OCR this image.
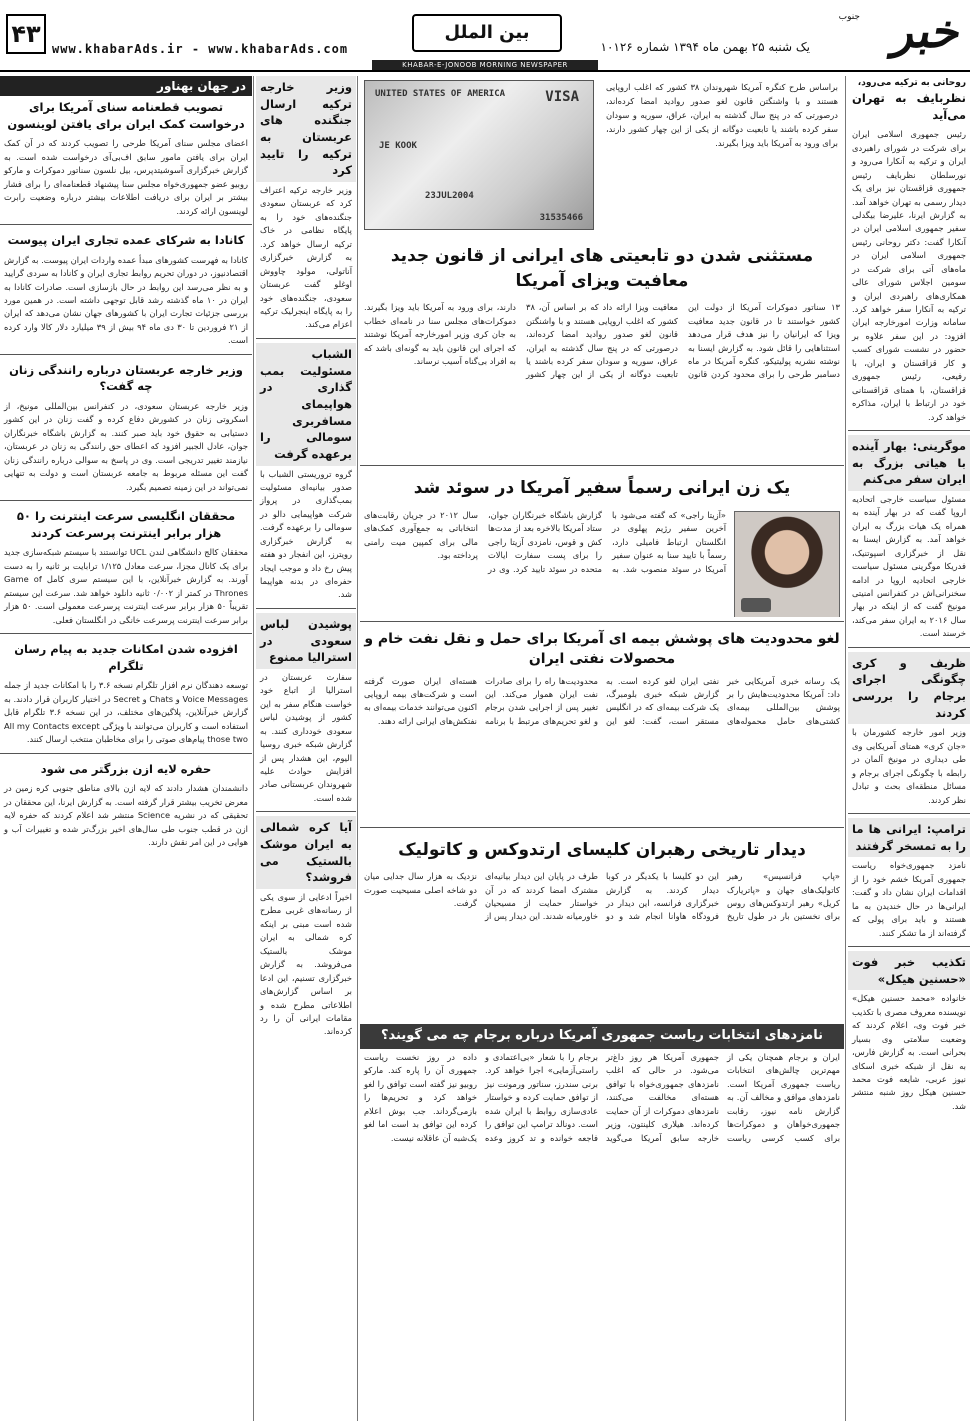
۴۳
www.khabarAds.ir - www.khabarAds.com
بین الملل
یک شنبه ۲۵ بهمن ماه ۱۳۹۴ شماره ۱۰۱۲۶ خبر
جنوب
KHABAR-E-JONOOB MORNING NEWSPAPER
روحانی به ترکیه می‌رود،
نظربایف به تهران می‌آید
رئیس جمهوری اسلامی ایران برای شرکت در شورای راهبردی ایران و ترکیه به آنکارا می‌رود و نورسلطان نظربایف رئیس جمهوری قزاقستان نیز برای یک دیدار رسمی به تهران خواهد آمد. به گزارش ایرنا، علیرضا بیگدلی سفیر جمهوری اسلامی ایران در آنکارا گفت: دکتر روحانی رئیس جمهوری اسلامی ایران در ماه‌های آتی برای شرکت در سومین اجلاس شورای عالی همکاری‌های راهبردی ایران و ترکیه به آنکارا سفر خواهد کرد. سامانه وزارت امورخارجه ایران افزود: در این سفر علاوه بر حضور در نشست شورای کسب و کار قزاقستان و ایران، با رفیعی، رئیس جمهوری قزاقستان، با همتای قزاقستانی خود در ارتباط با ایران، مذاکره خواهد کرد.
موگرینی: بهار آینده با هیاتی بزرگ به ایران سفر می‌کنم
مسئول سیاست خارجی اتحادیه اروپا گفت که در بهار آینده به همراه یک هیات بزرگ به ایران خواهد آمد. به گزارش ایسنا به نقل از خبرگزاری اسپوتنیک، فدریکا موگرینی مسئول سیاست خارجی اتحادیه اروپا در ادامه سخنرانی‌اش در کنفرانس امنیتی مونیخ گفت که از اینکه در بهار سال ۲۰۱۶ به ایران سفر می‌کند، خرسند است.
ظریف و کری چگونگی اجرای برجام را بررسی کردند
وزیر امور خارجه کشورمان با «جان کری» همتای آمریکایی وی طی دیداری در مونیخ آلمان در رابطه با چگونگی اجرای برجام و مسائل منطقه‌ای بحث و تبادل نظر کردند.
ترامپ: ایرانی ها ما را به تمسخر گرفتند
نامزد جمهوری‌خواه ریاست جمهوری آمریکا خشم خود را از اقدامات ایران نشان داد و گفت: ایرانی‌ها در حال خندیدن به ما هستند و باید برای پولی که گرفته‌اند از ما تشکر کنند.
تکذیب خبر فوت «حسنین هیکل»
خانواده «محمد حسنین هیکل» نویسنده معروف مصری با تکذیب خبر فوت وی، اعلام کردند که وضعیت سلامتی وی بسیار بحرانی است. به گزارش فارس، به نقل از شبکه خبری اسکای نیوز عربی، شایعه فوت محمد حسنین هیکل روز شنبه منتشر شد.
UNITED STATES OF AMERICA	VISA
JE KOOK
23JUL2004
31535466
براساس طرح کنگره آمریکا شهروندان ۳۸ کشور که اغلب اروپایی هستند و با واشنگتن قانون لغو صدور روادید امضا کرده‌اند، درصورتی که در پنج سال گذشته به ایران، عراق، سوریه و سودان سفر کرده باشند یا تابعیت دوگانه از یکی از این چهار کشور دارند، برای ورود به آمریکا باید ویزا بگیرند.
مستثنی شدن دو تابعیتی های ایرانی از قانون جدید معافیت ویزای آمریکا
۱۳ سناتور دموکرات آمریکا از دولت این کشور خواستند تا در قانون جدید معافیت ویزا که ایرانیان را نیز هدف قرار می‌دهد استثناهایی را قائل شود. به گزارش ایسنا به نوشته نشریه پولیتیکو، کنگره آمریکا در ماه دسامبر طرحی را برای محدود کردن قانون معافیت ویزا ارائه داد که بر اساس آن، ۳۸ کشور که اغلب اروپایی هستند و با واشنگتن قانون لغو صدور روادید امضا کرده‌اند، درصورتی که در پنج سال گذشته به ایران، عراق، سوریه و سودان سفر کرده باشند یا تابعیت دوگانه از یکی از این چهار کشور دارند، برای ورود به آمریکا باید ویزا بگیرند. دموکرات‌های مجلس سنا در نامه‌ای خطاب به جان کری وزیر امورخارجه آمریکا نوشتند که اجرای این قانون باید به گونه‌ای باشد که به افراد بی‌گناه آسیب نرساند.
یک زن ایرانی رسماً سفیر آمریکا در سوئد شد
«آزیتا راجی» که گفته می‌شود با آخرین سفیر رژیم پهلوی در انگلستان ارتباط فامیلی دارد، رسماً با تایید سنا به عنوان سفیر آمریکا در سوئد منصوب شد. به گزارش باشگاه خبرنگاران جوان، ستاد آمریکا بالاخره بعد از مدت‌ها کش و قوس، نامزدی آزیتا راجی را برای پست سفارت ایالات متحده در سوئد تایید کرد. وی در سال ۲۰۱۲ در جریان رقابت‌های انتخاباتی به جمع‌آوری کمک‌های مالی برای کمپین میت رامنی پرداخته بود.
لغو محدودیت های پوشش بیمه ای آمریکا برای حمل و نقل نفت خام و محصولات نفتی ایران
یک رسانه خبری آمریکایی خبر داد: آمریکا محدودیت‌هایش را بر پوشش بین‌المللی بیمه‌ای کشتی‌های حامل محموله‌های نفتی ایران لغو کرده است. به گزارش شبکه خبری بلومبرگ، یک شرکت بیمه‌ای که در انگلیس مستقر است، گفت: لغو این محدودیت‌ها راه را برای صادرات نفت ایران هموار می‌کند. این تغییر پس از اجرایی شدن برجام و لغو تحریم‌های مرتبط با برنامه هسته‌ای ایران صورت گرفته است و شرکت‌های بیمه اروپایی اکنون می‌توانند خدمات بیمه‌ای به نفتکش‌های ایرانی ارائه دهند.
دیدار تاریخی رهبران کلیسای ارتدوکس و کاتولیک
«پاپ فرانسیس» رهبر کاتولیک‌های جهان و «پاتریارک کریل» رهبر ارتدوکس‌های روس برای نخستین بار در طول تاریخ این دو کلیسا با یکدیگر در کوبا دیدار کردند. به گزارش خبرگزاری فرانسه، این دیدار در فرودگاه هاوانا انجام شد و دو طرف در پایان این دیدار بیانیه‌ای مشترک امضا کردند که در آن خواستار حمایت از مسیحیان خاورمیانه شدند. این دیدار پس از نزدیک به هزار سال جدایی میان دو شاخه اصلی مسیحیت صورت گرفت.
نامزدهای انتخابات ریاست جمهوری آمریکا درباره برجام چه می گویند؟
ایران و برجام همچنان یکی از مهم‌ترین چالش‌های انتخابات ریاست جمهوری آمریکا است. نامزدهای موافق و مخالف آن. به گزارش نامه نیوز، رقابت جمهوری‌خواهان و دموکرات‌ها برای کسب کرسی ریاست جمهوری آمریکا هر روز داغ‌تر می‌شود. در حالی که اغلب نامزدهای جمهوری‌خواه با توافق هسته‌ای مخالفت می‌کنند، نامزدهای دموکرات از آن حمایت کرده‌اند. هیلاری کلینتون، وزیر خارجه سابق آمریکا می‌گوید برجام را با شعار «بی‌اعتمادی و راستی‌آزمایی» اجرا خواهد کرد. برنی سندرز، سناتور ورمونت نیز از توافق حمایت کرده و خواستار عادی‌سازی روابط با ایران شده است. دونالد ترامپ این توافق را فاجعه خوانده و تد کروز وعده داده در روز نخست ریاست جمهوری آن را پاره کند. مارکو روبیو نیز گفته است توافق را لغو خواهد کرد و تحریم‌ها را بازمی‌گرداند. جب بوش اعلام کرده این توافق بد است اما لغو یک‌شبه آن عاقلانه نیست.
وزیر خارجه ترکیه ارسال جنگنده های عربستان به ترکیه را تایید کرد
وزیر خارجه ترکیه اعتراف کرد که عربستان سعودی جنگنده‌های خود را به پایگاه نظامی در خاک ترکیه ارسال خواهد کرد. به گزارش خبرگزاری آناتولی، مولود چاووش اوغلو گفت عربستان سعودی، جنگنده‌های خود را به پایگاه اینجرلیک ترکیه اعزام می‌کند.
الشباب مسئولیت بمب گذاری در هواپیمای مسافربری سومالی را برعهده گرفت
گروه تروریستی الشباب با صدور بیانیه‌ای مسئولیت بمب‌گذاری در پرواز شرکت هواپیمایی دالو در سومالی را برعهده گرفت. به گزارش خبرگزاری رویترز، این انفجار دو هفته پیش رخ داد و موجب ایجاد حفره‌ای در بدنه هواپیما شد.
پوشیدن لباس سعودی در استرالیا ممنوع
سفارت عربستان در استرالیا از اتباع خود خواست هنگام سفر به این کشور از پوشیدن لباس سعودی خودداری کنند. به گزارش شبکه خبری روسیا الیوم، این هشدار پس از افزایش حوادث علیه شهروندان عربستانی صادر شده است.
آیا کره شمالی به ایران موشک بالستیک می فروشد؟
اخیراً ادعایی از سوی یکی از رسانه‌های غربی مطرح شده است مبنی بر اینکه کره شمالی به ایران موشک بالستیک می‌فروشد. به گزارش خبرگزاری تسنیم، این ادعا بر اساس گزارش‌های اطلاعاتی مطرح شده و مقامات ایرانی آن را رد کرده‌اند.
در جهان بهناور
تصویب قطعنامه سنای آمریکا برای درخواست کمک ایران برای یافتن لوینسون
اعضای مجلس سنای آمریکا طرحی را تصویب کردند که در آن کمک ایران برای یافتن مامور سابق اف‌بی‌آی درخواست شده است. به گزارش خبرگزاری آسوشیتدپرس، بیل نلسون سناتور دموکرات و مارکو روبیو عضو جمهوری‌خواه مجلس سنا پیشنهاد قطعنامه‌ای را برای فشار بیشتر بر ایران برای دریافت اطلاعات بیشتر درباره وضعیت رابرت لوینسون ارائه کردند.
کانادا به شرکای عمده تجاری ایران پیوست
کانادا به فهرست کشورهای مبدأ عمده واردات ایران پیوست. به گزارش اقتصادنیوز، در دوران تحریم روابط تجاری ایران و کانادا به سردی گرایید و به نظر می‌رسد این روابط در حال بازسازی است. صادرات کانادا به ایران در ۱۰ ماه گذشته رشد قابل توجهی داشته است. در همین مورد بررسی جزئیات تجارت ایران با کشورهای جهان نشان می‌دهد که ایران از ۲۱ فروردین تا ۳۰ دی ماه ۹۴ بیش از ۳۹ میلیارد دلار کالا وارد کرده است.
وزیر خارجه عربستان درباره رانندگی زنان چه گفت؟
وزیر خارجه عربستان سعودی، در کنفرانس بین‌المللی مونیخ، از اسکروتی زنان در کشورش دفاع کرده و گفت زنان در این کشور دستیابی به حقوق خود باید صبر کنند. به گزارش باشگاه خبرنگاران جوان، عادل الجبیر افزود که اعطای حق رانندگی به زنان در عربستان، نیازمند تغییر تدریجی است. وی در پاسخ به سوالی درباره رانندگی زنان گفت این مسئله مربوط به جامعه عربستان است و دولت به تنهایی نمی‌تواند در این زمینه تصمیم بگیرد.
محققان انگلیسی سرعت اینترنت را ۵۰ هزار برابر اینترنت پرسرعت کردند
محققان کالج دانشگاهی لندن UCL توانستند با سیستم شبکه‌سازی جدید برای یک کانال مجزا، سرعت معادل ۱/۱۲۵ ترابایت بر ثانیه را به دست آورند. به گزارش خبرآنلاین، با این سیستم سری کامل Game of Thrones در کمتر از ۰/۰۰۲ ثانیه دانلود خواهد شد. سرعت این سیستم تقریباً ۵۰ هزار برابر سرعت اینترنت پرسرعت معمولی است. ۵۰ هزار برابر سرعت اینترنت پرسرعت خانگی در انگلستان فعلی.
افزوده شدن امکانات جدید به پیام رسان تلگرام
توسعه دهندگان نرم افزار تلگرام نسخه ۳.۶ را با امکانات جدید از جمله Voice Messages و Chats و Secret در اختیار کاربران قرار دادند. به گزارش خبرآنلاین، پلاگین‌های مختلف، در این نسخه ۳.۶ تلگرام قابل استفاده است و کاربران می‌توانند با ویژگی All my Contacts except those two پیام‌های صوتی را برای مخاطبان منتخب ارسال کنند.
حفره لایه ازن بزرگتر می شود
دانشمندان هشدار دادند که لایه ازن بالای مناطق جنوبی کره زمین در معرض تخریب بیشتر قرار گرفته است. به گزارش ایرنا، این محققان در تحقیقی که در نشریه Science منتشر شد اعلام کردند که حفره لایه ازن در قطب جنوب طی سال‌های اخیر بزرگ‌تر شده و تغییرات آب و هوایی در این امر نقش دارند.
